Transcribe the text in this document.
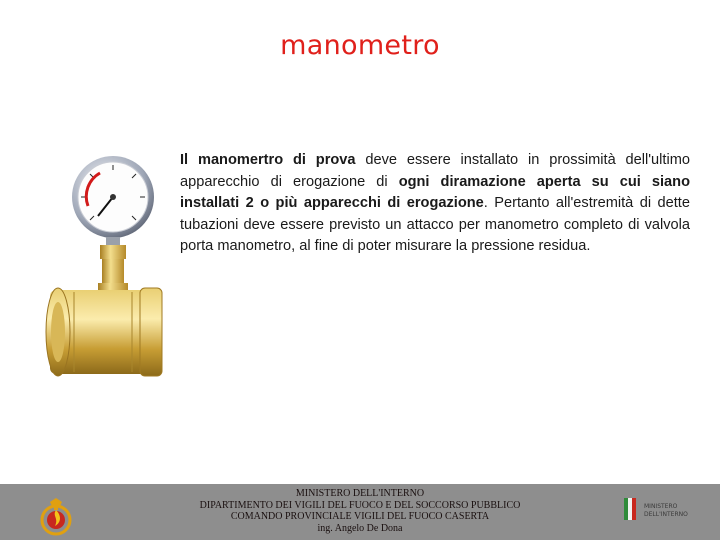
manometro

Il manomertro di prova deve essere installato in prossimità dell'ultimo apparecchio di erogazione di ogni diramazione aperta su cui siano installati 2 o più apparecchi di erogazione. Pertanto all'estremità di dette tubazioni deve essere previsto un attacco per manometro completo di valvola porta manometro, al fine di poter misurare la pressione residua.

MINISTERO DELL'INTERNO
DIPARTIMENTO DEI VIGILI DEL FUOCO E DEL SOCCORSO PUBBLICO
COMANDO PROVINCIALE VIGILI DEL FUOCO CASERTA
ing. Angelo De Dona
MINISTERO
DELL'INTERNO
